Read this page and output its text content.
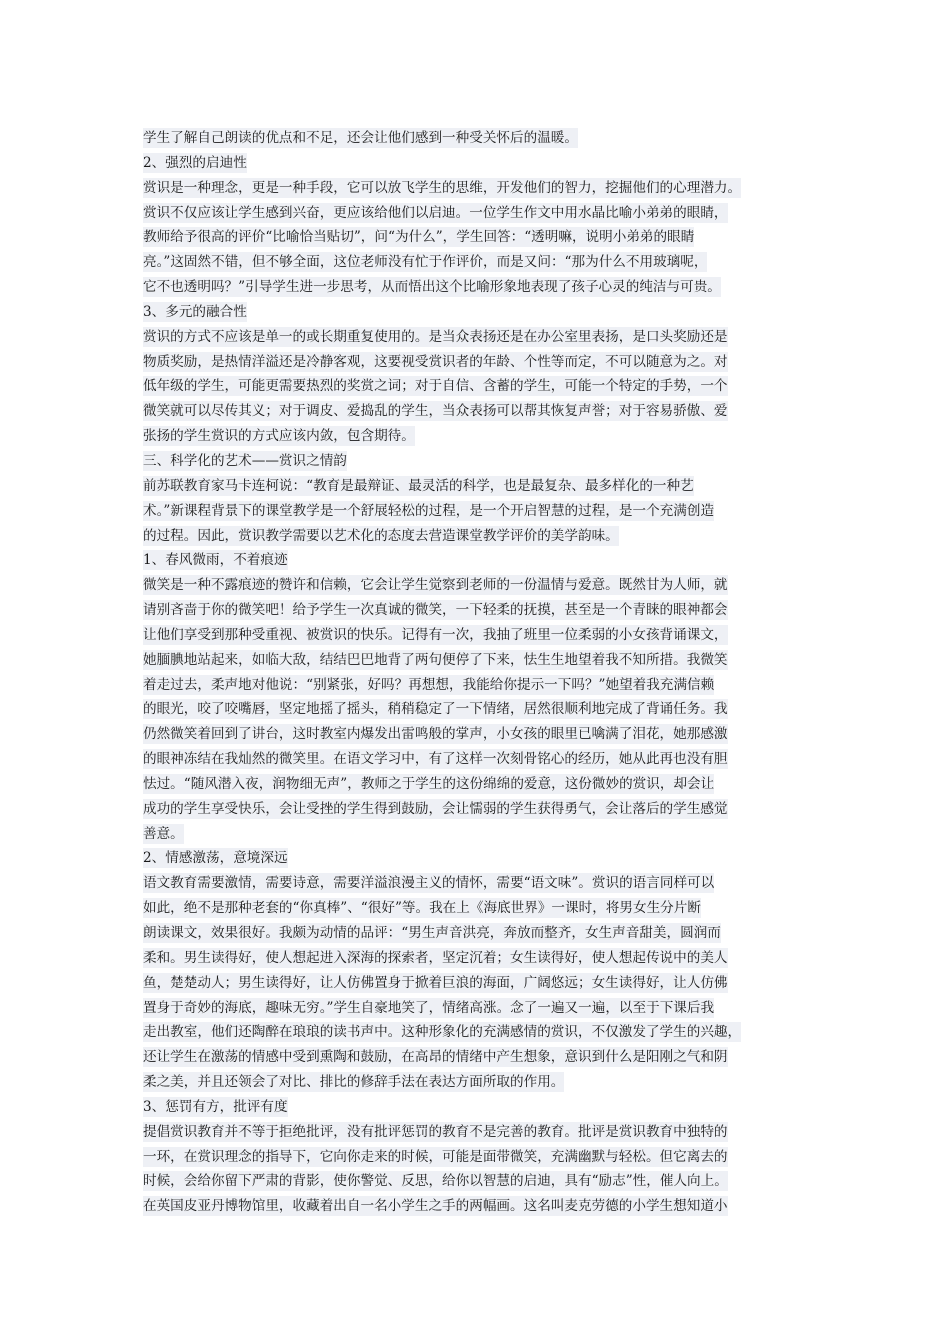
学生了解自己朗读的优点和不足，还会让他们感到一种受关怀后的温暖。
2、强烈的启迪性
赏识是一种理念，更是一种手段，它可以放飞学生的思维，开发他们的智力，挖掘他们的心理潜力。
赏识不仅应该让学生感到兴奋，更应该给他们以启迪。一位学生作文中用水晶比喻小弟弟的眼睛，
教师给予很高的评价“比喻恰当贴切”，问“为什么”，学生回答：“透明嘛，说明小弟弟的眼睛
亮。”这固然不错，但不够全面，这位老师没有忙于作评价，而是又问：“那为什么不用玻璃呢，
它不也透明吗？”引导学生进一步思考，从而悟出这个比喻形象地表现了孩子心灵的纯洁与可贵。
3、多元的融合性
赏识的方式不应该是单一的或长期重复使用的。是当众表扬还是在办公室里表扬，是口头奖励还是
物质奖励，是热情洋溢还是冷静客观，这要视受赏识者的年龄、个性等而定，不可以随意为之。对
低年级的学生，可能更需要热烈的奖赏之词；对于自信、含蓄的学生，可能一个特定的手势，一个
微笑就可以尽传其义；对于调皮、爱捣乱的学生，当众表扬可以帮其恢复声誉；对于容易骄傲、爱
张扬的学生赏识的方式应该内敛，包含期待。
三、科学化的艺术——赏识之情韵
前苏联教育家马卡连柯说：“教育是最辩证、最灵活的科学，也是最复杂、最多样化的一种艺
术。”新课程背景下的课堂教学是一个舒展轻松的过程，是一个开启智慧的过程，是一个充满创造
的过程。因此，赏识教学需要以艺术化的态度去营造课堂教学评价的美学韵味。
1、春风微雨，不着痕迹
微笑是一种不露痕迹的赞许和信赖，它会让学生觉察到老师的一份温情与爱意。既然甘为人师，就
请别吝啬于你的微笑吧！给予学生一次真诚的微笑，一下轻柔的抚摸，甚至是一个青睐的眼神都会
让他们享受到那种受重视、被赏识的快乐。记得有一次，我抽了班里一位柔弱的小女孩背诵课文，
她腼腆地站起来，如临大敌，结结巴巴地背了两句便停了下来，怯生生地望着我不知所措。我微笑
着走过去，柔声地对他说：“别紧张，好吗？再想想，我能给你提示一下吗？”她望着我充满信赖
的眼光，咬了咬嘴唇，坚定地摇了摇头，稍稍稳定了一下情绪，居然很顺利地完成了背诵任务。我
仍然微笑着回到了讲台，这时教室内爆发出雷鸣般的掌声，小女孩的眼里已噙满了泪花，她那感激
的眼神冻结在我灿然的微笑里。在语文学习中，有了这样一次刻骨铭心的经历，她从此再也没有胆
怯过。“随风潜入夜，润物细无声”，教师之于学生的这份绵绵的爱意，这份微妙的赏识，却会让
成功的学生享受快乐，会让受挫的学生得到鼓励，会让懦弱的学生获得勇气，会让落后的学生感觉
善意。
2、情感激荡，意境深远
语文教育需要激情，需要诗意，需要洋溢浪漫主义的情怀，需要“语文味”。赏识的语言同样可以
如此，绝不是那种老套的“你真棒”、“很好”等。我在上《海底世界》一课时，将男女生分片断
朗读课文，效果很好。我颇为动情的品评：“男生声音洪亮，奔放而整齐，女生声音甜美，圆润而
柔和。男生读得好，使人想起进入深海的探索者，坚定沉着；女生读得好，使人想起传说中的美人
鱼，楚楚动人；男生读得好，让人仿佛置身于掀着巨浪的海面，广阔悠远；女生读得好，让人仿佛
置身于奇妙的海底，趣味无穷。”学生自豪地笑了，情绪高涨。念了一遍又一遍，以至于下课后我
走出教室，他们还陶醉在琅琅的读书声中。这种形象化的充满感情的赏识，不仅激发了学生的兴趣，
还让学生在激荡的情感中受到熏陶和鼓励，在高昂的情绪中产生想象，意识到什么是阳刚之气和阴
柔之美，并且还领会了对比、排比的修辞手法在表达方面所取的作用。
3、惩罚有方，批评有度
提倡赏识教育并不等于拒绝批评，没有批评惩罚的教育不是完善的教育。批评是赏识教育中独特的
一环，在赏识理念的指导下，它向你走来的时候，可能是面带微笑，充满幽默与轻松。但它离去的
时候，会给你留下严肃的背影，使你警觉、反思，给你以智慧的启迪，具有“励志”性，催人向上。
在英国皮亚丹博物馆里，收藏着出自一名小学生之手的两幅画。这名叫麦克劳德的小学生想知道小
